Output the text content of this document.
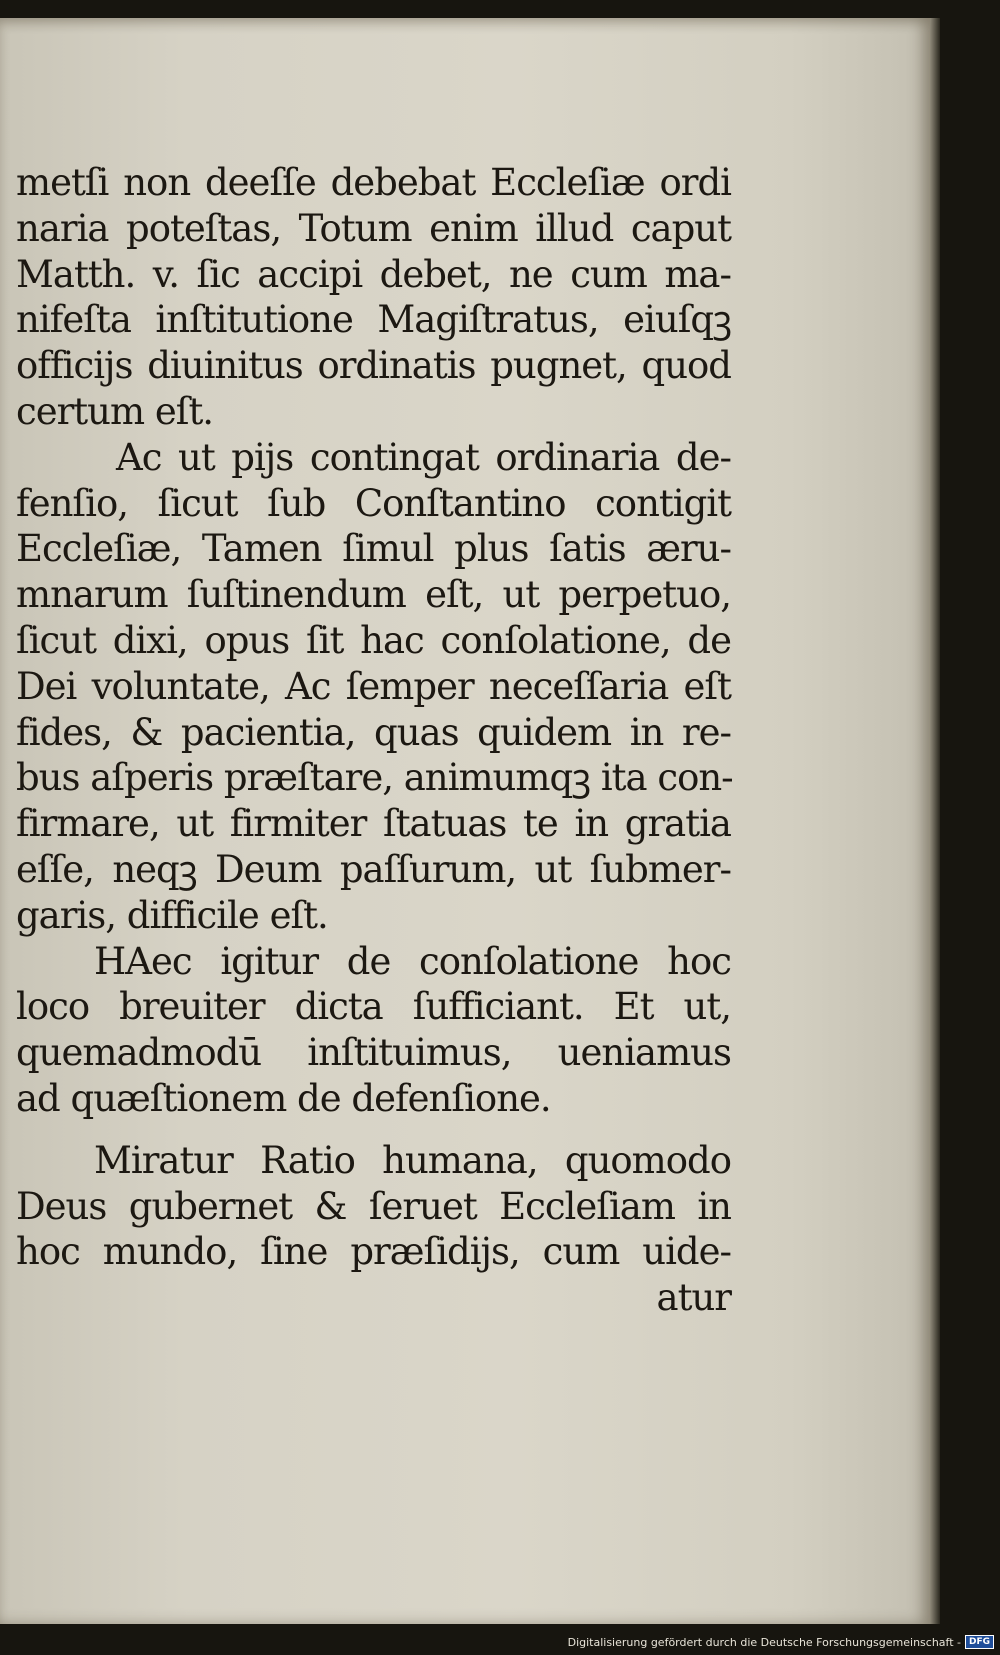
metſi non deeſſe debebat Eccleſiæ ordi
naria poteſtas, Totum enim illud caput
Matth. v. ſic accipi debet, ne cum ma-
nifeſta inſtitutione Magiſtratus, eiuſqꝫ
officijs diuinitus ordinatis pugnet, quod
certum eſt.
Ac ut pijs contingat ordinaria de-
fenſio, ſicut ſub Conſtantino contigit
Eccleſiæ, Tamen ſimul plus ſatis æru-
mnarum ſuſtinendum eſt, ut perpetuo,
ſicut dixi, opus ſit hac conſolatione, de
Dei voluntate, Ac ſemper neceſſaria eſt
fides, & pacientia, quas quidem in re-
bus aſperis præſtare, animumqꝫ ita con-
firmare, ut firmiter ſtatuas te in gratia
eſſe, neqꝫ Deum paſſurum, ut ſubmer-
garis, difficile eſt.
HAec igitur de conſolatione hoc
loco breuiter dicta ſufficiant. Et ut,
quemadmodū inſtituimus, ueniamus
ad quæſtionem de defenſione.
Miratur Ratio humana, quomodo
Deus gubernet & ſeruet Eccleſiam in
hoc mundo, ſine præſidijs, cum uide-
atur
Digitalisierung gefördert durch die Deutsche Forschungsgemeinschaft - DFG
